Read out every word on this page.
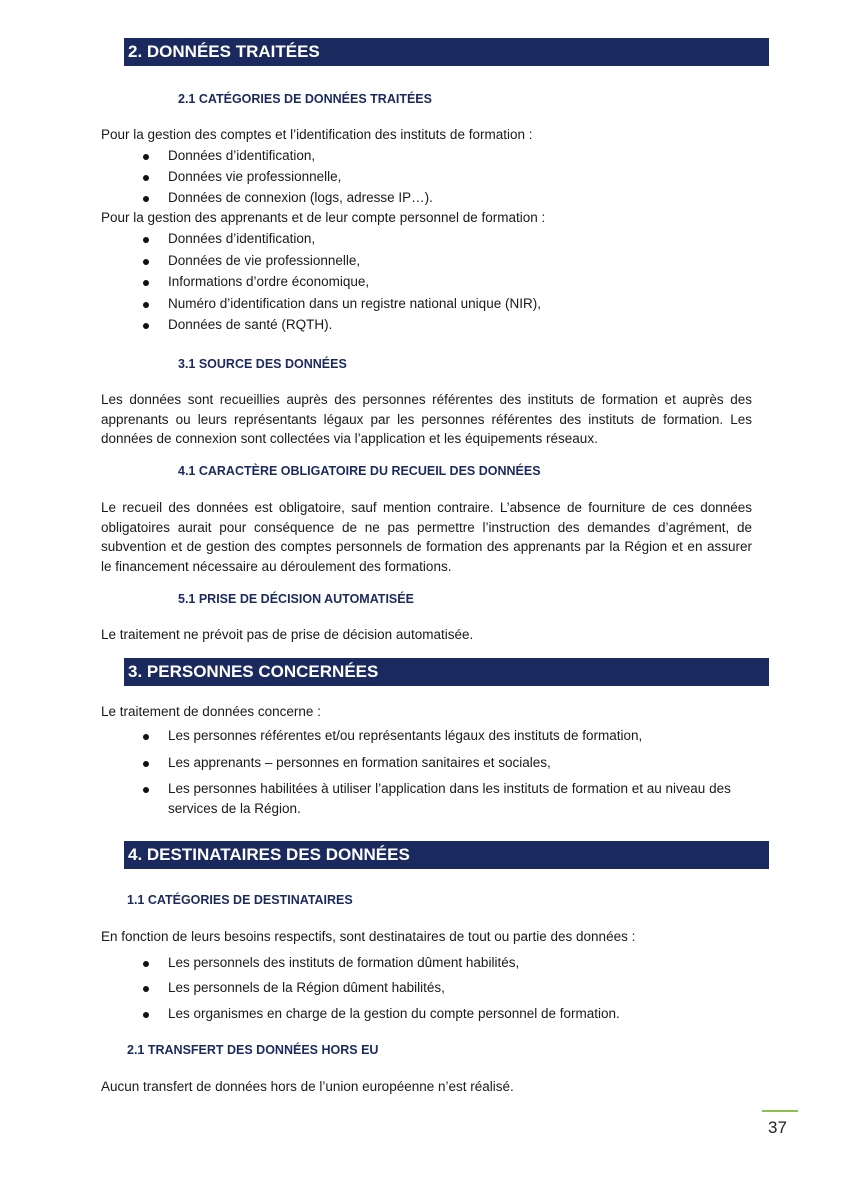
2. DONNÉES TRAITÉES
2.1 CATÉGORIES DE DONNÉES TRAITÉES
Pour la gestion des comptes et l’identification des instituts de formation :
Données d’identification,
Données vie professionnelle,
Données de connexion (logs, adresse IP…).
Pour la gestion des apprenants et de leur compte personnel de formation :
Données d’identification,
Données de vie professionnelle,
Informations d’ordre économique,
Numéro d’identification dans un registre national unique (NIR),
Données de santé (RQTH).
3.1 SOURCE DES DONNÉES
Les données sont recueillies auprès des personnes référentes des instituts de formation et auprès des apprenants ou leurs représentants légaux par les personnes référentes des instituts de formation. Les données de connexion sont collectées via l’application et les équipements réseaux.
4.1 CARACTÈRE OBLIGATOIRE DU RECUEIL DES DONNÉES
Le recueil des données est obligatoire, sauf mention contraire. L’absence de fourniture de ces données obligatoires aurait pour conséquence de ne pas permettre l’instruction des demandes d’agrément, de subvention et de gestion des comptes personnels de formation des apprenants par la Région et en assurer le financement nécessaire au déroulement des formations.
5.1 PRISE DE DÉCISION AUTOMATISÉE
Le traitement ne prévoit pas de prise de décision automatisée.
3. PERSONNES CONCERNÉES
Le traitement de données concerne :
Les personnes référentes et/ou représentants légaux des instituts de formation,
Les apprenants – personnes en formation sanitaires et sociales,
Les personnes habilitées à utiliser l’application dans les instituts de formation et au niveau des services de la Région.
4. DESTINATAIRES DES DONNÉES
1.1 CATÉGORIES DE DESTINATAIRES
En fonction de leurs besoins respectifs, sont destinataires de tout ou partie des données :
Les personnels des instituts de formation dûment habilités,
Les personnels de la Région dûment habilités,
Les organismes en charge de la gestion du compte personnel de formation.
2.1 TRANSFERT DES DONNÉES HORS EU
Aucun transfert de données hors de l’union européenne n’est réalisé.
37
